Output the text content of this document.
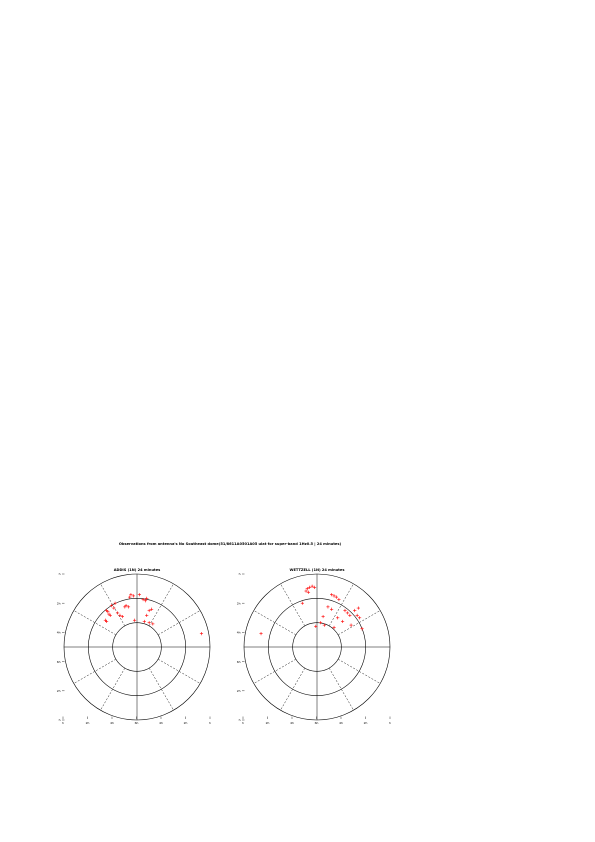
Observations from antenna's No Southeast dome(51/8611A0501A05 ulat for super-band 1Hz0.5 | 24 minutes)
ADDIS (1N) 24 minutes
h
2h
4h
6h
2h
h
h	2h	4h	6h	4h	2h	h
WETTZELL (1N) 24 minutes
h
2h
4h
6h
2h
h
h	2h	4h	6h	4h	2h	h
